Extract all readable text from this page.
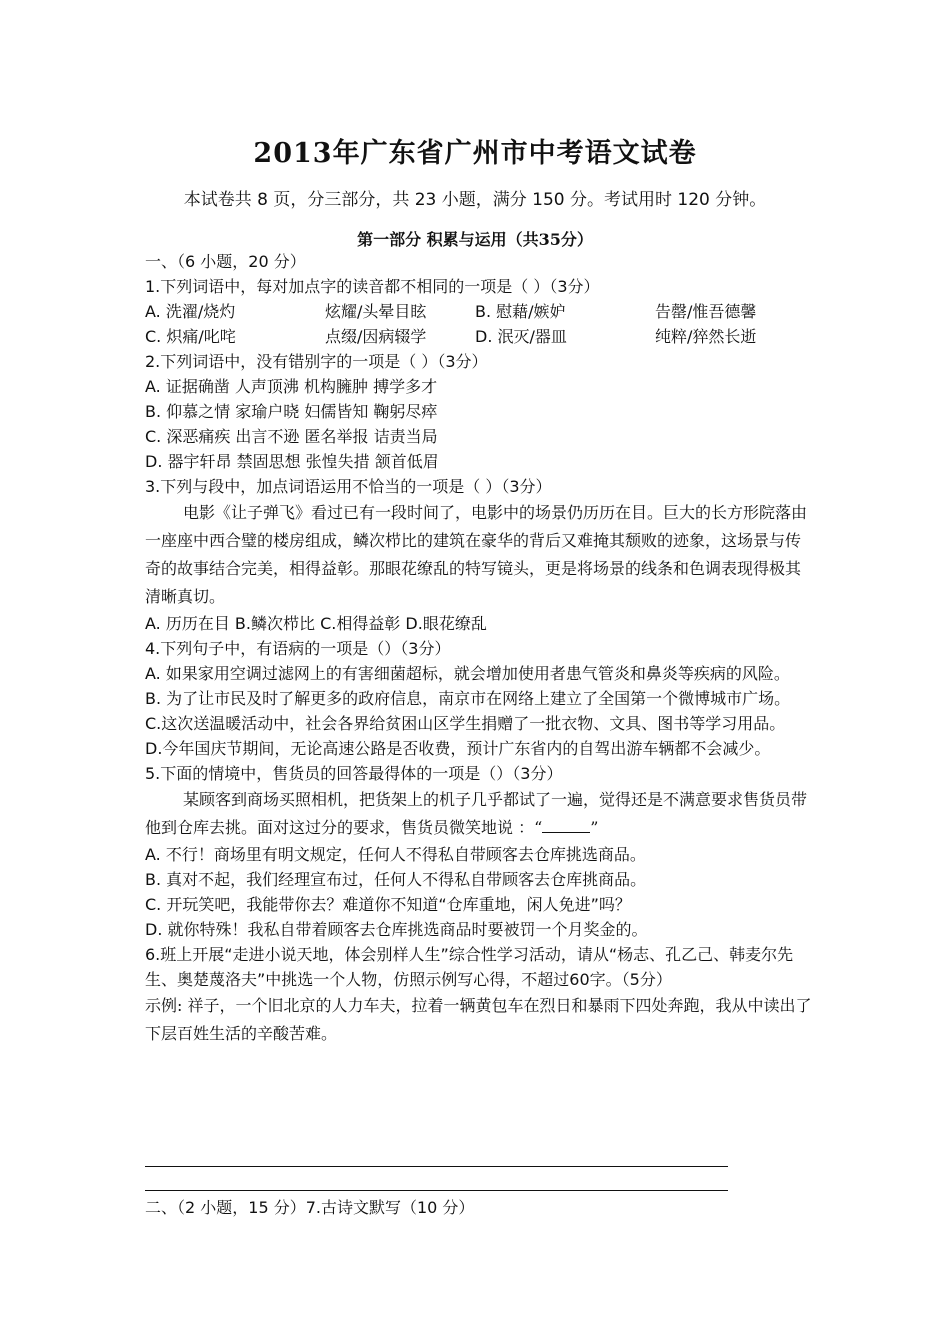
2013年广东省广州市中考语文试卷
本试卷共 8 页，分三部分，共 23 小题，满分 150 分。考试用时 120 分钟。
第一部分 积累与运用（共35分）
一、（6 小题，20 分）
1.下列词语中，每对加点字的读音都不相同的一项是（ ）（3分）
A. 洗濯/烧灼	炫耀/头晕目眩	B. 慰藉/嫉妒	告罄/惟吾德馨
C. 炽痛/叱咤	点缀/因病辍学	D. 泯灭/器皿	纯粹/猝然长逝
2.下列词语中，没有错别字的一项是（ ）（3分）
A. 证据确凿 人声顶沸 机构臃肿 搏学多才
B. 仰慕之情 家瑜户晓 妇儒皆知 鞠躬尽瘁
C. 深恶痛疾 出言不逊 匿名举报 诘责当局
D. 器宇轩昂 禁固思想 张惶失措 颔首低眉
3.下列与段中，加点词语运用不恰当的一项是（ ）（3分）
电影《让子弹飞》看过已有一段时间了，电影中的场景仍历历在目。巨大的长方形院落由一座座中西合璧的楼房组成，鳞次栉比的建筑在豪华的背后又难掩其颓败的迹象，这场景与传奇的故事结合完美，相得益彰。那眼花缭乱的特写镜头，更是将场景的线条和色调表现得极其清晰真切。
A. 历历在目 B.鳞次栉比 C.相得益彰 D.眼花缭乱
4.下列句子中，有语病的一项是（）（3分）
A. 如果家用空调过滤网上的有害细菌超标，就会增加使用者患气管炎和鼻炎等疾病的风险。
B. 为了让市民及时了解更多的政府信息，南京市在网络上建立了全国第一个微博城市广场。
C.这次送温暖活动中，社会各界给贫困山区学生捐赠了一批衣物、文具、图书等学习用品。
D.今年国庆节期间，无论高速公路是否收费，预计广东省内的自驾出游车辆都不会减少。
5.下面的情境中，售货员的回答最得体的一项是（）（3分）
某顾客到商场买照相机，把货架上的机子几乎都试了一遍，觉得还是不满意要求售货员带他到仓库去挑。面对这过分的要求，售货员微笑地说 ：“	”
A. 不行！商场里有明文规定，任何人不得私自带顾客去仓库挑选商品。
B. 真对不起，我们经理宣布过，任何人不得私自带顾客去仓库挑商品。
C. 开玩笑吧，我能带你去？难道你不知道“仓库重地，闲人免进”吗？
D. 就你特殊！我私自带着顾客去仓库挑选商品时要被罚一个月奖金的。
6.班上开展“走进小说天地，体会别样人生”综合性学习活动，请从“杨志、孔乙己、韩麦尔先生、奥楚蔑洛夫”中挑选一个人物，仿照示例写心得，不超过60字。（5分）
示例: 祥子，一个旧北京的人力车夫，拉着一辆黄包车在烈日和暴雨下四处奔跑，我从中读出了下层百姓生活的辛酸苦难。
二、（2 小题，15 分）7.古诗文默写（10 分）
